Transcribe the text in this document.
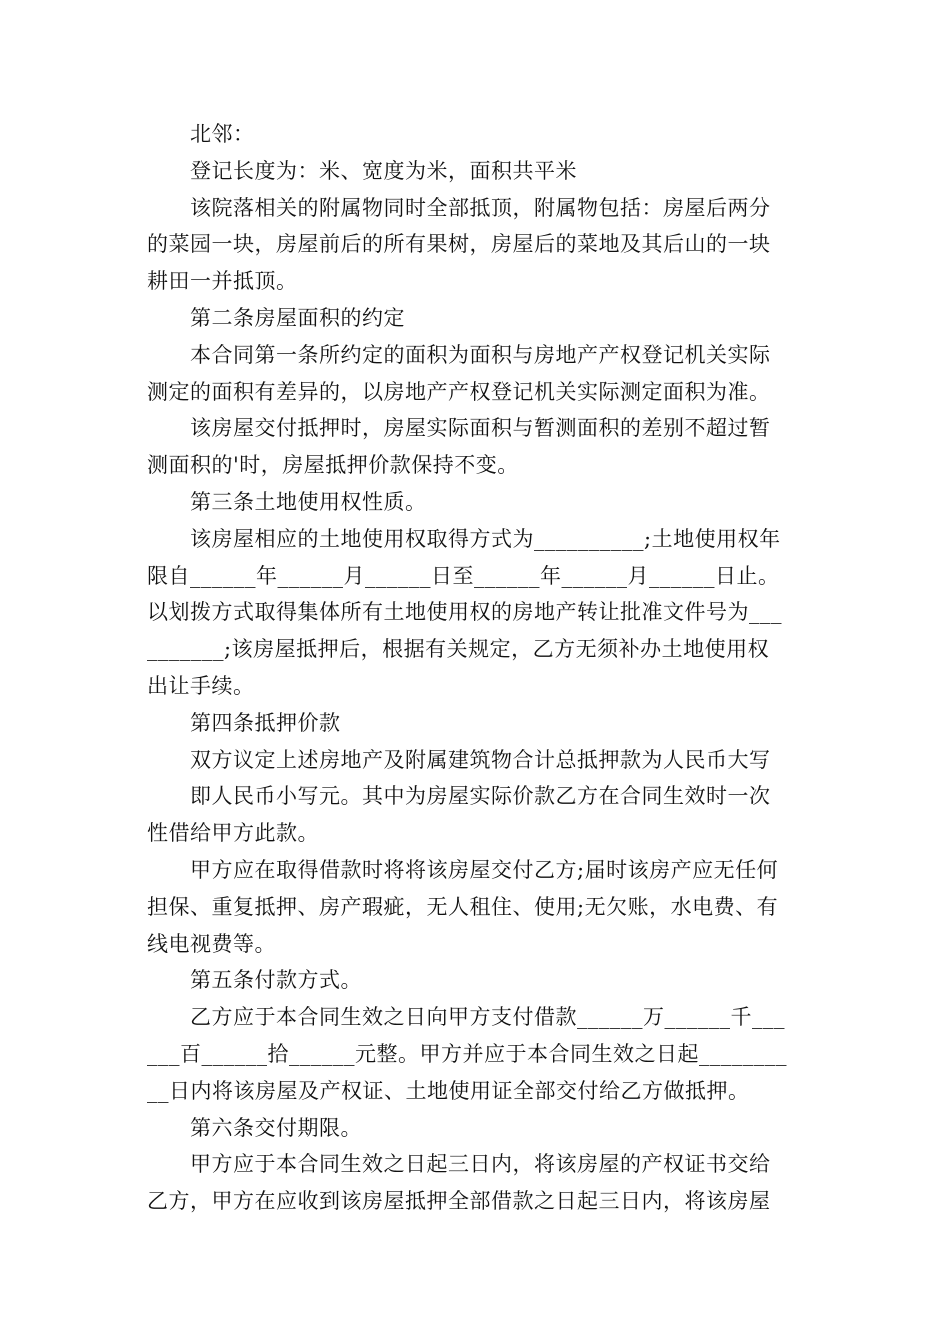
北邻：
登记长度为：米、宽度为米，面积共平米
该院落相关的附属物同时全部抵顶，附属物包括：房屋后两分
的菜园一块，房屋前后的所有果树，房屋后的菜地及其后山的一块
耕田一并抵顶。
第二条房屋面积的约定
本合同第一条所约定的面积为面积与房地产产权登记机关实际
测定的面积有差异的，以房地产产权登记机关实际测定面积为准。
该房屋交付抵押时，房屋实际面积与暂测面积的差别不超过暂
测面积的'时，房屋抵押价款保持不变。
第三条土地使用权性质。
该房屋相应的土地使用权取得方式为__________;土地使用权年
限自______年______月______日至______年______月______日止。
以划拨方式取得集体所有土地使用权的房地产转让批准文件号为___
_______;该房屋抵押后，根据有关规定，乙方无须补办土地使用权
出让手续。
第四条抵押价款
双方议定上述房地产及附属建筑物合计总抵押款为人民币大写
即人民币小写元。其中为房屋实际价款乙方在合同生效时一次
性借给甲方此款。
甲方应在取得借款时将将该房屋交付乙方;届时该房产应无任何
担保、重复抵押、房产瑕疵，无人租住、使用;无欠账，水电费、有
线电视费等。
第五条付款方式。
乙方应于本合同生效之日向甲方支付借款______万______千___
___百______拾______元整。甲方并应于本合同生效之日起________
__日内将该房屋及产权证、土地使用证全部交付给乙方做抵押。
第六条交付期限。
甲方应于本合同生效之日起三日内，将该房屋的产权证书交给
乙方，甲方在应收到该房屋抵押全部借款之日起三日内，将该房屋
